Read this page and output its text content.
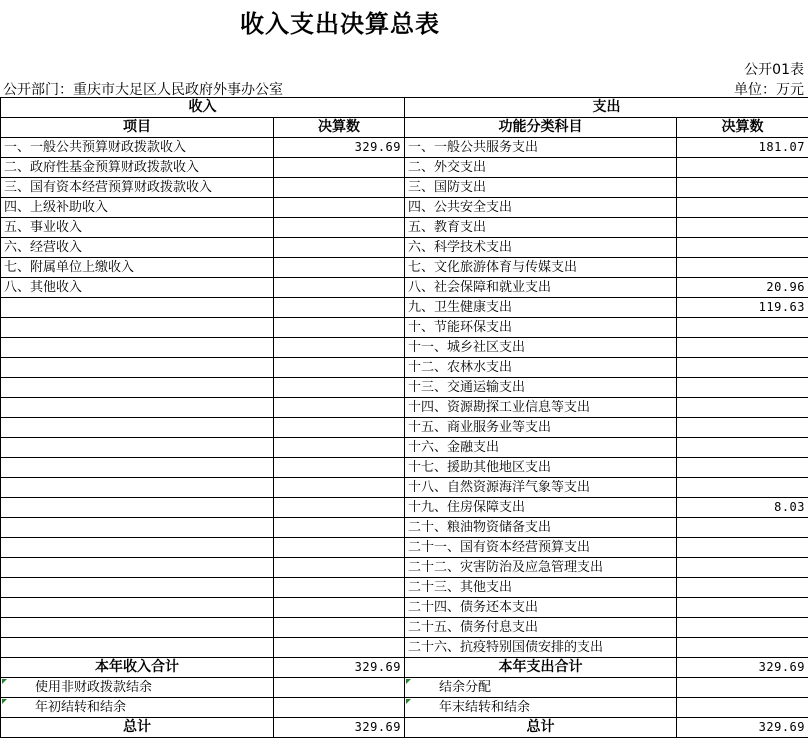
收入支出决算总表
公开01表
公开部门：重庆市大足区人民政府外事办公室	单位：万元
收入		支出	
项目	决算数	功能分类科目	决算数
一、一般公共预算财政拨款收入	329.69	一、一般公共服务支出	181.07
二、政府性基金预算财政拨款收入		二、外交支出	
三、国有资本经营预算财政拨款收入		三、国防支出	
四、上级补助收入		四、公共安全支出	
五、事业收入		五、教育支出	
六、经营收入		六、科学技术支出	
七、附属单位上缴收入		七、文化旅游体育与传媒支出	
八、其他收入		八、社会保障和就业支出	20.96
		九、卫生健康支出	119.63
		十、节能环保支出	
		十一、城乡社区支出	
		十二、农林水支出	
		十三、交通运输支出	
		十四、资源勘探工业信息等支出	
		十五、商业服务业等支出	
		十六、金融支出	
		十七、援助其他地区支出	
		十八、自然资源海洋气象等支出	
		十九、住房保障支出	8.03
		二十、粮油物资储备支出	
		二十一、国有资本经营预算支出	
		二十二、灾害防治及应急管理支出	
		二十三、其他支出	
		二十四、债务还本支出	
		二十五、债务付息支出	
		二十六、抗疫特别国债安排的支出	
本年收入合计	329.69	本年支出合计	329.69
使用非财政拨款结余		结余分配	
年初结转和结余		年末结转和结余	
总计	329.69	总计	329.69
